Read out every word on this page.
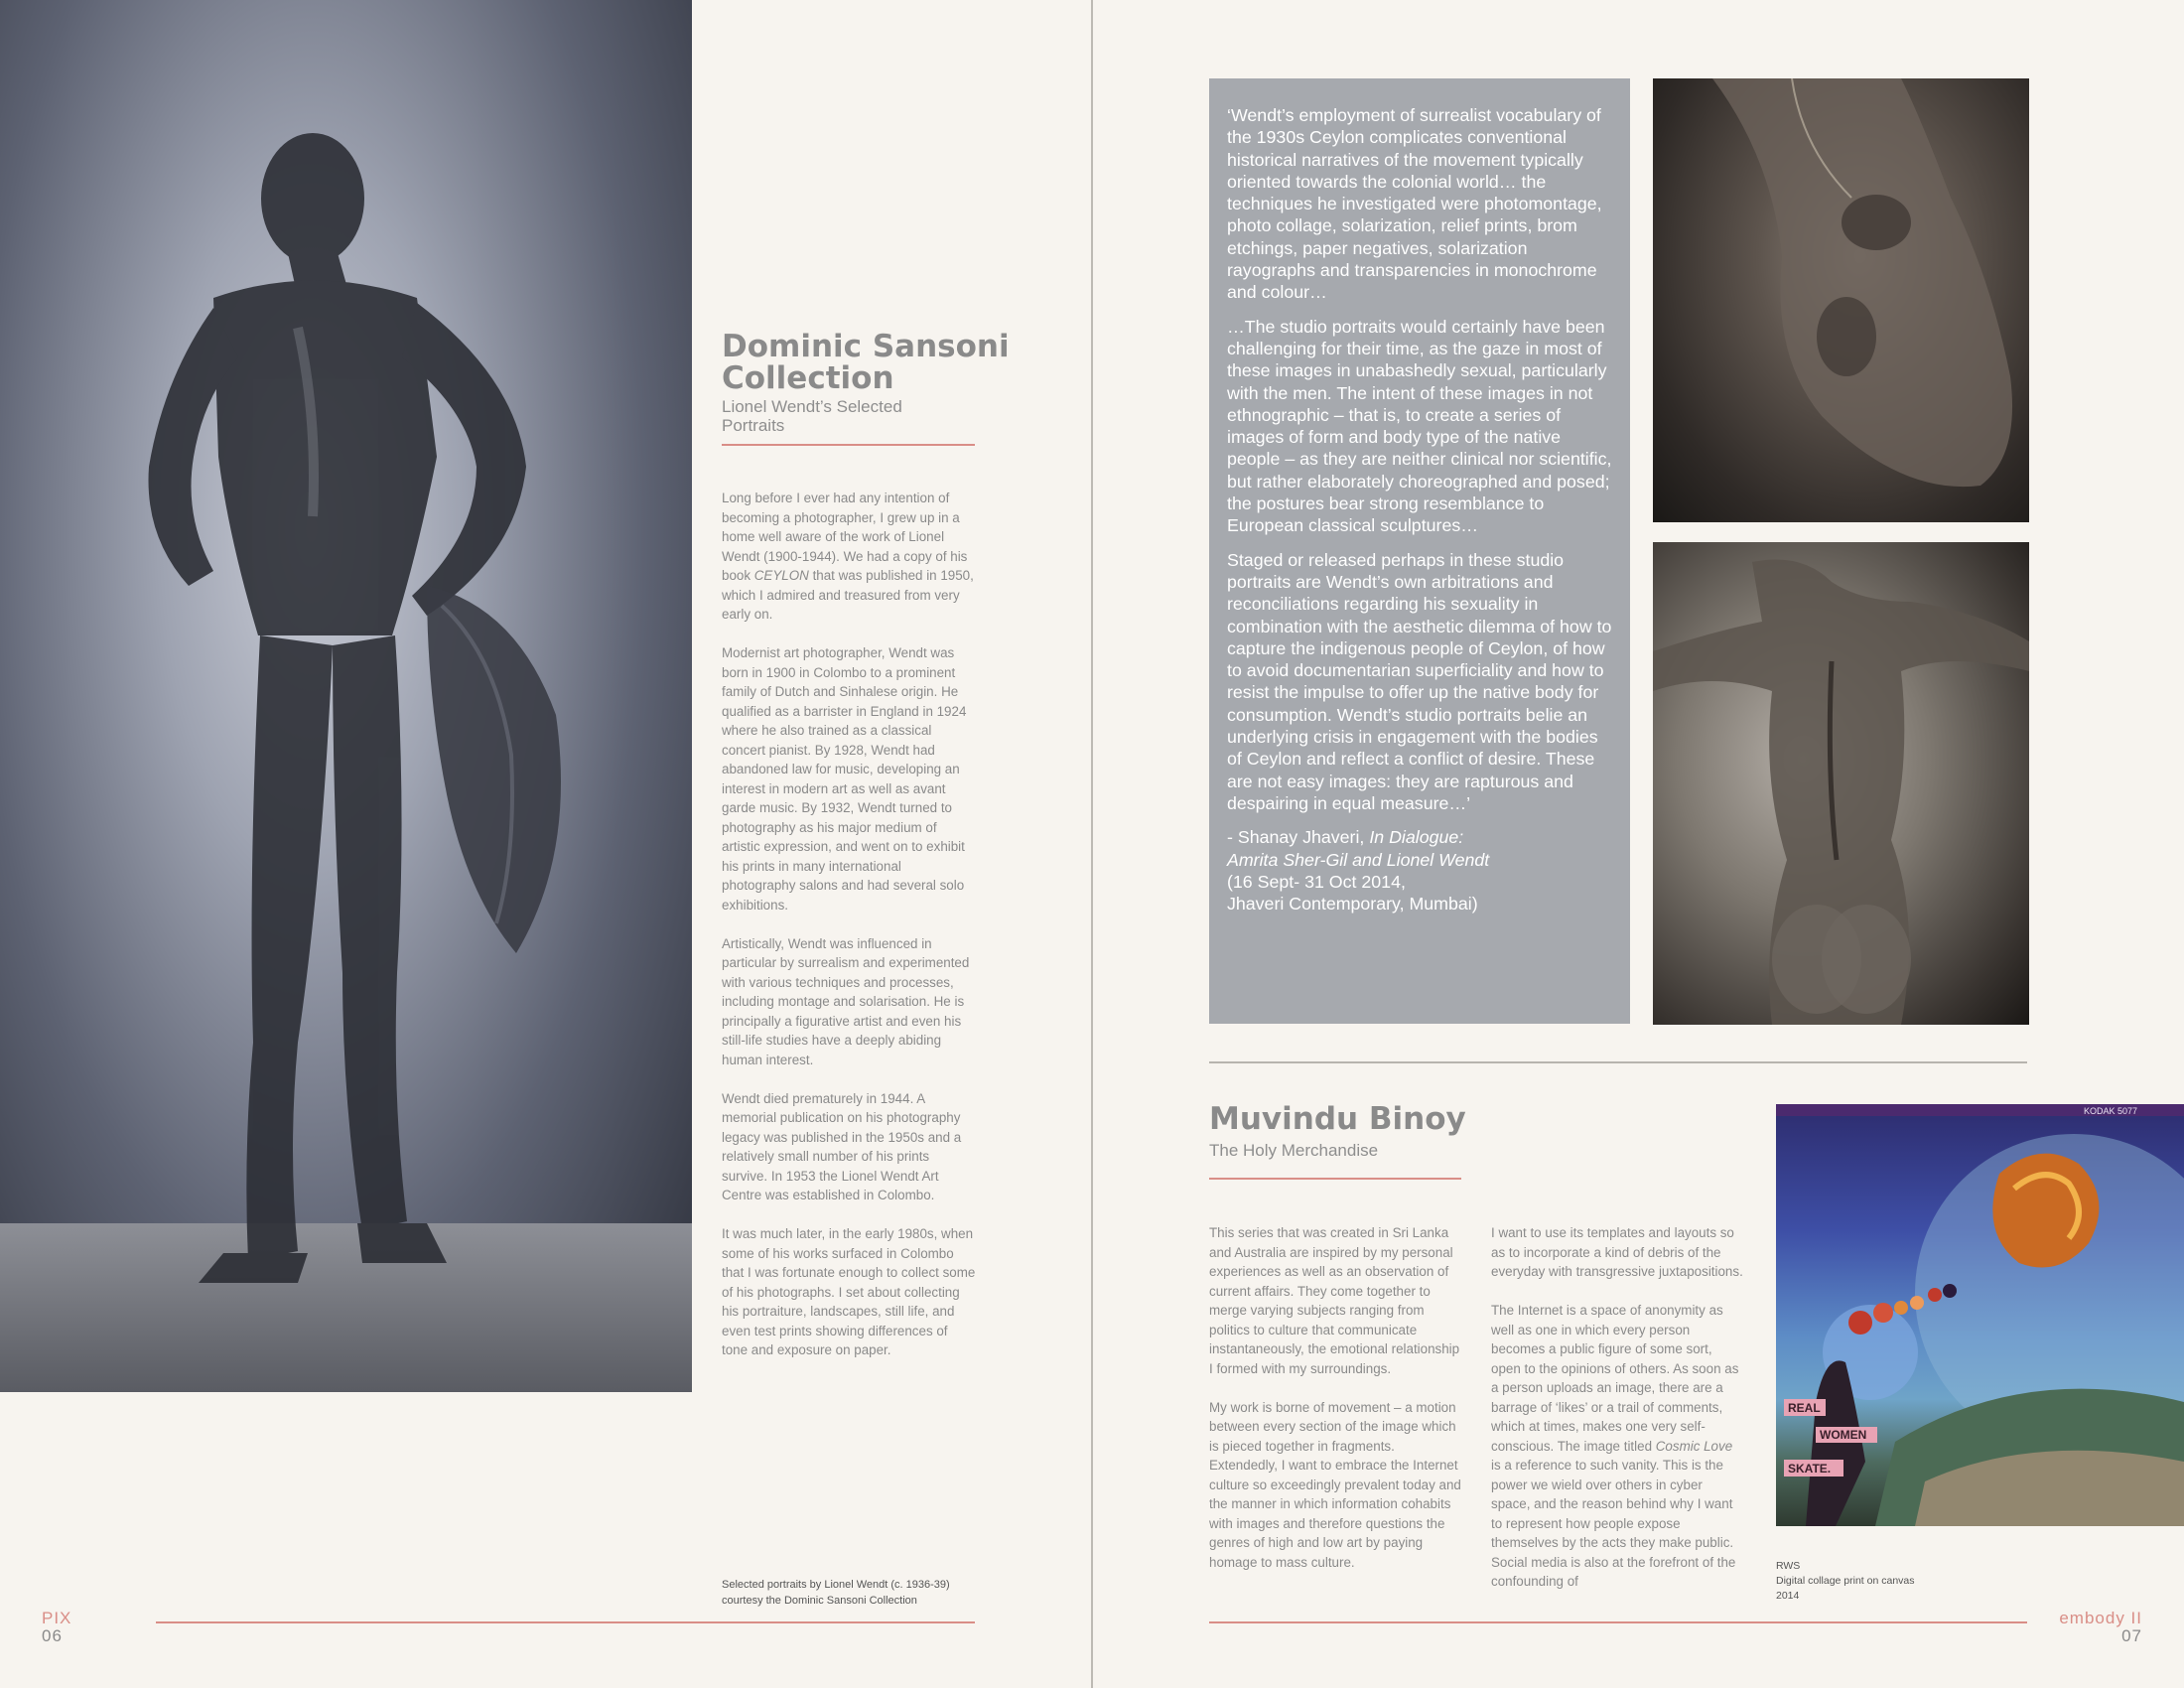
Dominic Sansoni
Collection
Lionel Wendt’s Selected
Portraits

Long before I ever had any intention of becoming a photographer, I grew up in a home well aware of the work of Lionel Wendt (1900-1944). We had a copy of his book CEYLON that was published in 1950, which I admired and treasured from very early on.

Modernist art photographer, Wendt was born in 1900 in Colombo to a prominent family of Dutch and Sinhalese origin. He qualified as a barrister in England in 1924 where he also trained as a classical concert pianist. By 1928, Wendt had abandoned law for music, developing an interest in modern art as well as avant garde music. By 1932, Wendt turned to photography as his major medium of artistic expression, and went on to exhibit his prints in many international photography salons and had several solo exhibitions.

Artistically, Wendt was influenced in particular by surrealism and experimented with various techniques and processes, including montage and solarisation. He is principally a figurative artist and even his still-life studies have a deeply abiding human interest.

Wendt died prematurely in 1944. A memorial publication on his photography legacy was published in the 1950s and a relatively small number of his prints survive. In 1953 the Lionel Wendt Art Centre was established in Colombo.

It was much later, in the early 1980s, when some of his works surfaced in Colombo that I was fortunate enough to collect some of his photographs. I set about collecting his portraiture, landscapes, still life, and even test prints showing differences of tone and exposure on paper.

Selected portraits by Lionel Wendt (c. 1936-39)
courtesy the Dominic Sansoni Collection
PIX
06

‘Wendt’s employment of surrealist vocabulary of the 1930s Ceylon complicates conventional historical narratives of the movement typically oriented towards the colonial world… the techniques he investigated were photomontage, photo collage, solarization, relief prints, brom etchings, paper negatives, solarization rayographs and transparencies in monochrome and colour…

…The studio portraits would certainly have been challenging for their time, as the gaze in most of these images in unabashedly sexual, particularly with the men. The intent of these images in not ethnographic – that is, to create a series of images of form and body type of the native people – as they are neither clinical nor scientific, but rather elaborately choreographed and posed; the postures bear strong resemblance to European classical sculptures…

Staged or released perhaps in these studio portraits are Wendt’s own arbitrations and reconciliations regarding his sexuality in combination with the aesthetic dilemma of how to capture the indigenous people of Ceylon, of how to avoid documentarian superficiality and how to resist the impulse to offer up the native body for consumption. Wendt’s studio portraits belie an underlying crisis in engagement with the bodies of Ceylon and reflect a conflict of desire. These are not easy images: they are rapturous and despairing in equal measure…’

- Shanay Jhaveri, In Dialogue:
Amrita Sher-Gil and Lionel Wendt
(16 Sept- 31 Oct 2014,
Jhaveri Contemporary, Mumbai)

Muvindu Binoy
The Holy Merchandise

This series that was created in Sri Lanka and Australia are inspired by my personal experiences as well as an observation of current affairs. They come together to merge varying subjects ranging from politics to culture that communicate instantaneously, the emotional relationship I formed with my surroundings.

My work is borne of movement – a motion between every section of the image which is pieced together in fragments. Extendedly, I want to embrace the Internet culture so exceedingly prevalent today and the manner in which information cohabits with images and therefore questions the genres of high and low art by paying homage to mass culture.

I want to use its templates and layouts so as to incorporate a kind of debris of the everyday with transgressive juxtapositions.

The Internet is a space of anonymity as well as one in which every person becomes a public figure of some sort, open to the opinions of others. As soon as a person uploads an image, there are a barrage of ‘likes’ or a trail of comments, which at times, makes one very self-conscious. The image titled Cosmic Love is a reference to such vanity. This is the power we wield over others in cyber space, and the reason behind why I want to represent how people expose themselves by the acts they make public. Social media is also at the forefront of the confounding of

KODAK 5077
REAL
WOMEN
SKATE.
RWS
Digital collage print on canvas
2014
embody II
07
